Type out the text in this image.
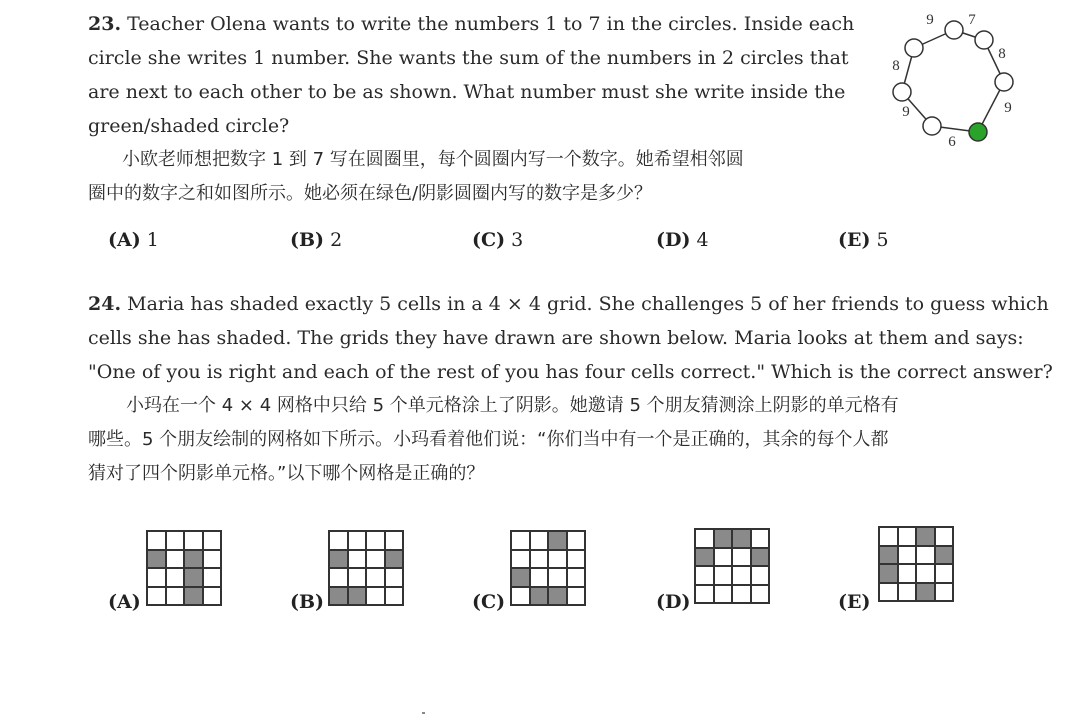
23. Teacher Olena wants to write the numbers 1 to 7 in the circles. Inside each
circle she writes 1 number. She wants the sum of the numbers in 2 circles that
are next to each other to be as shown. What number must she write inside the
green/shaded circle?
小欧老师想把数字 1 到 7 写在圆圈里，每个圆圈内写一个数字。她希望相邻圆
圈中的数字之和如图所示。她必须在绿色/阴影圆圈内写的数字是多少？
(A) 1	(B) 2	(C) 3	(D) 4	(E) 5
7
8
9
6
9
8
9
24. Maria has shaded exactly 5 cells in a 4 × 4 grid. She challenges 5 of her friends to guess which
cells she has shaded. The grids they have drawn are shown below. Maria looks at them and says:
"One of you is right and each of the rest of you has four cells correct." Which is the correct answer?
小玛在一个 4 × 4 网格中只给 5 个单元格涂上了阴影。她邀请 5 个朋友猜测涂上阴影的单元格有
哪些。5 个朋友绘制的网格如下所示。小玛看着他们说：“你们当中有一个是正确的，其余的每个人都
猜对了四个阴影单元格。”以下哪个网格是正确的？
(A)	(B)	(C)	(D)	(E)
